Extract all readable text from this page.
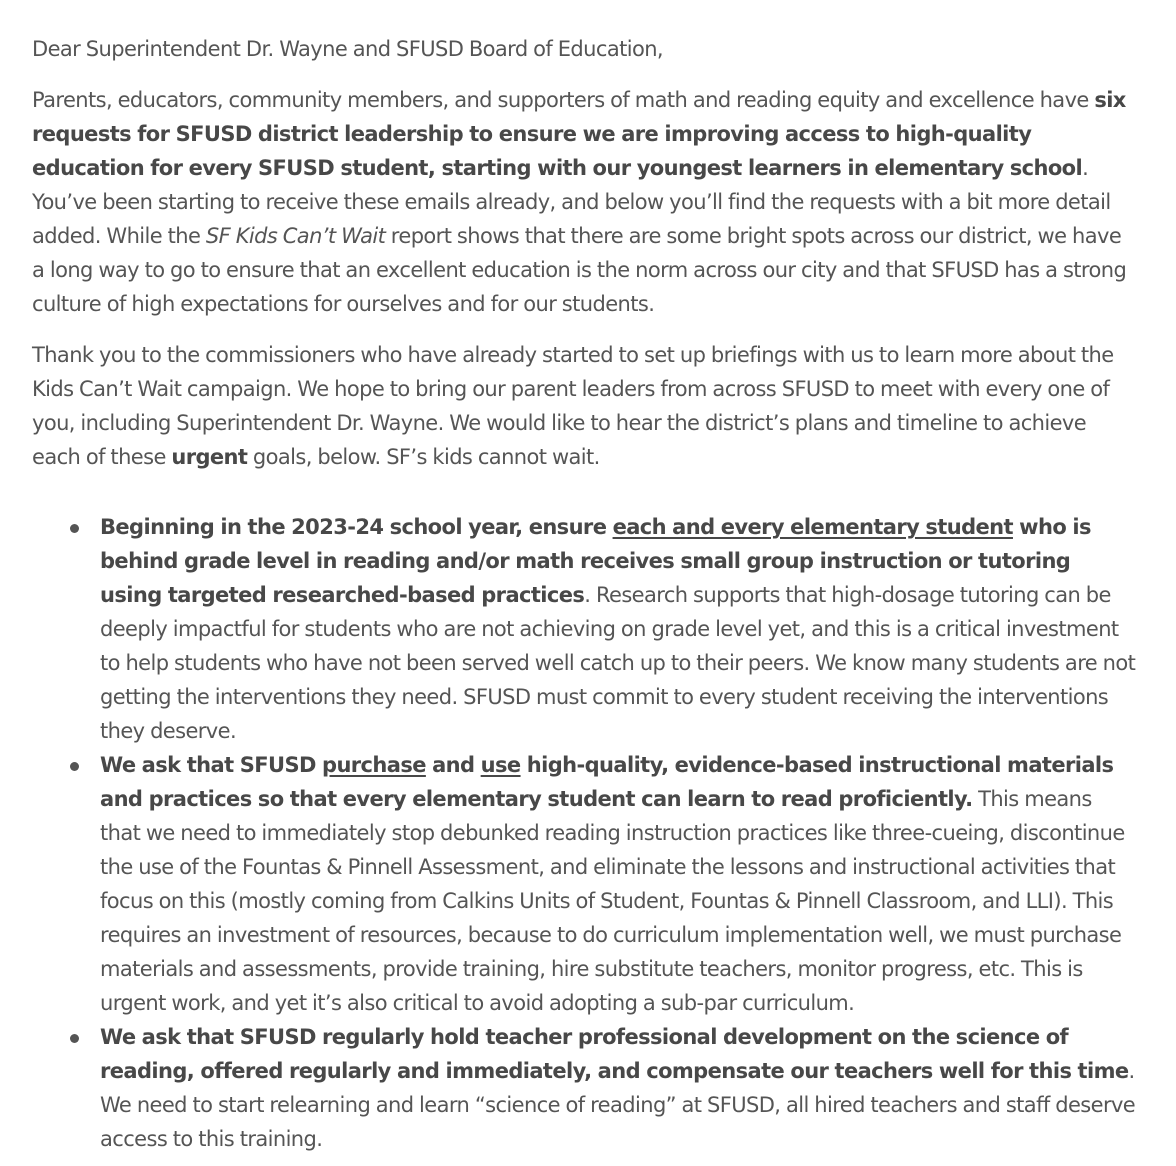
Dear Superintendent Dr. Wayne and SFUSD Board of Education,

Parents, educators, community members, and supporters of math and reading equity and excellence have six requests for SFUSD district leadership to ensure we are improving access to high-quality education for every SFUSD student, starting with our youngest learners in elementary school. You’ve been starting to receive these emails already, and below you’ll find the requests with a bit more detail added. While the SF Kids Can’t Wait report shows that there are some bright spots across our district, we have a long way to go to ensure that an excellent education is the norm across our city and that SFUSD has a strong culture of high expectations for ourselves and for our students.

Thank you to the commissioners who have already started to set up briefings with us to learn more about the Kids Can’t Wait campaign. We hope to bring our parent leaders from across SFUSD to meet with every one of you, including Superintendent Dr. Wayne. We would like to hear the district’s plans and timeline to achieve each of these urgent goals, below. SF’s kids cannot wait.

Beginning in the 2023-24 school year, ensure each and every elementary student who is behind grade level in reading and/or math receives small group instruction or tutoring using targeted researched-based practices. Research supports that high-dosage tutoring can be deeply impactful for students who are not achieving on grade level yet, and this is a critical investment to help students who have not been served well catch up to their peers. We know many students are not getting the interventions they need. SFUSD must commit to every student receiving the interventions they deserve.
We ask that SFUSD purchase and use high-quality, evidence-based instructional materials and practices so that every elementary student can learn to read proficiently. This means that we need to immediately stop debunked reading instruction practices like three-cueing, discontinue the use of the Fountas & Pinnell Assessment, and eliminate the lessons and instructional activities that focus on this (mostly coming from Calkins Units of Student, Fountas & Pinnell Classroom, and LLI). This requires an investment of resources, because to do curriculum implementation well, we must purchase materials and assessments, provide training, hire substitute teachers, monitor progress, etc. This is urgent work, and yet it’s also critical to avoid adopting a sub-par curriculum.
We ask that SFUSD regularly hold teacher professional development on the science of reading, offered regularly and immediately, and compensate our teachers well for this time. We need to start relearning and learn “science of reading” at SFUSD, all hired teachers and staff deserve access to this training.
